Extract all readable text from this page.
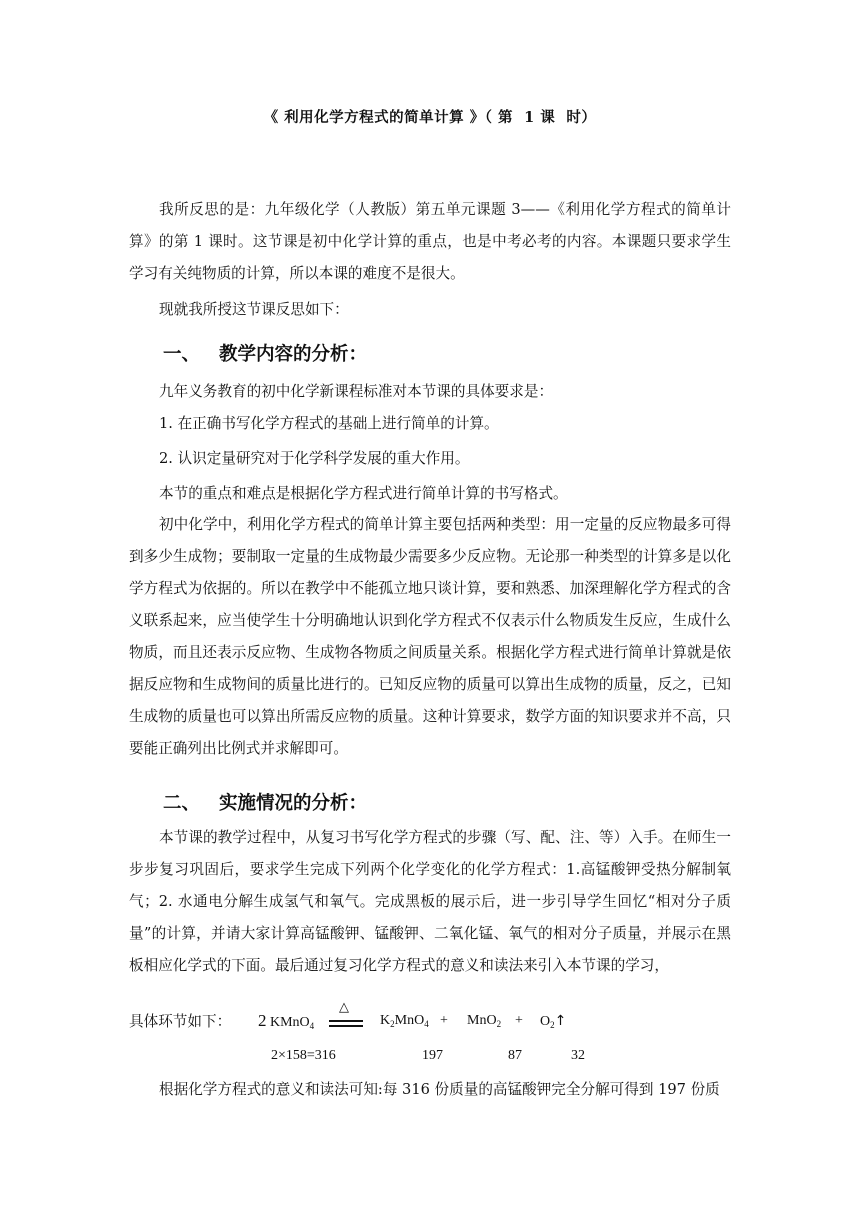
《 利用化学方程式的简单计算 》（ 第  1 课  时）

我所反思的是：九年级化学（人教版）第五单元课题 3——《利用化学方程式的简单计算》的第 1 课时。这节课是初中化学计算的重点，也是中考必考的内容。本课题只要求学生学习有关纯物质的计算，所以本课的难度不是很大。

现就我所授这节课反思如下：
一、 教学内容的分析：
九年义务教育的初中化学新课程标准对本节课的具体要求是：
1. 在正确书写化学方程式的基础上进行简单的计算。
2. 认识定量研究对于化学科学发展的重大作用。
本节的重点和难点是根据化学方程式进行简单计算的书写格式。

初中化学中，利用化学方程式的简单计算主要包括两种类型：用一定量的反应物最多可得到多少生成物；要制取一定量的生成物最少需要多少反应物。无论那一种类型的计算多是以化学方程式为依据的。所以在教学中不能孤立地只谈计算，要和熟悉、加深理解化学方程式的含义联系起来，应当使学生十分明确地认识到化学方程式不仅表示什么物质发生反应，生成什么物质，而且还表示反应物、生成物各物质之间质量关系。根据化学方程式进行简单计算就是依据反应物和生成物间的质量比进行的。已知反应物的质量可以算出生成物的质量，反之，已知生成物的质量也可以算出所需反应物的质量。这种计算要求，数学方面的知识要求并不高，只要能正确列出比例式并求解即可。

二、 实施情况的分析：

本节课的教学过程中，从复习书写化学方程式的步骤（写、配、注、等）入手。在师生一步步复习巩固后，要求学生完成下列两个化学变化的化学方程式：1.高锰酸钾受热分解制氧气；2. 水通电分解生成氢气和氧气。完成黑板的展示后，进一步引导学生回忆“相对分子质量”的计算，并请大家计算高锰酸钾、锰酸钾、二氧化锰、氧气的相对分子质量，并展示在黑板相应化学式的下面。最后通过复习化学方程式的意义和读法来引入本节课的学习，

具体环节如下：	2 KMnO$_4$
△
$K_2MnO_4 + MnO_2$ + $O_2↑$
2×158=316	197	87	32
根据化学方程式的意义和读法可知:每 316 份质量的高锰酸钾完全分解可得到 197 份质
